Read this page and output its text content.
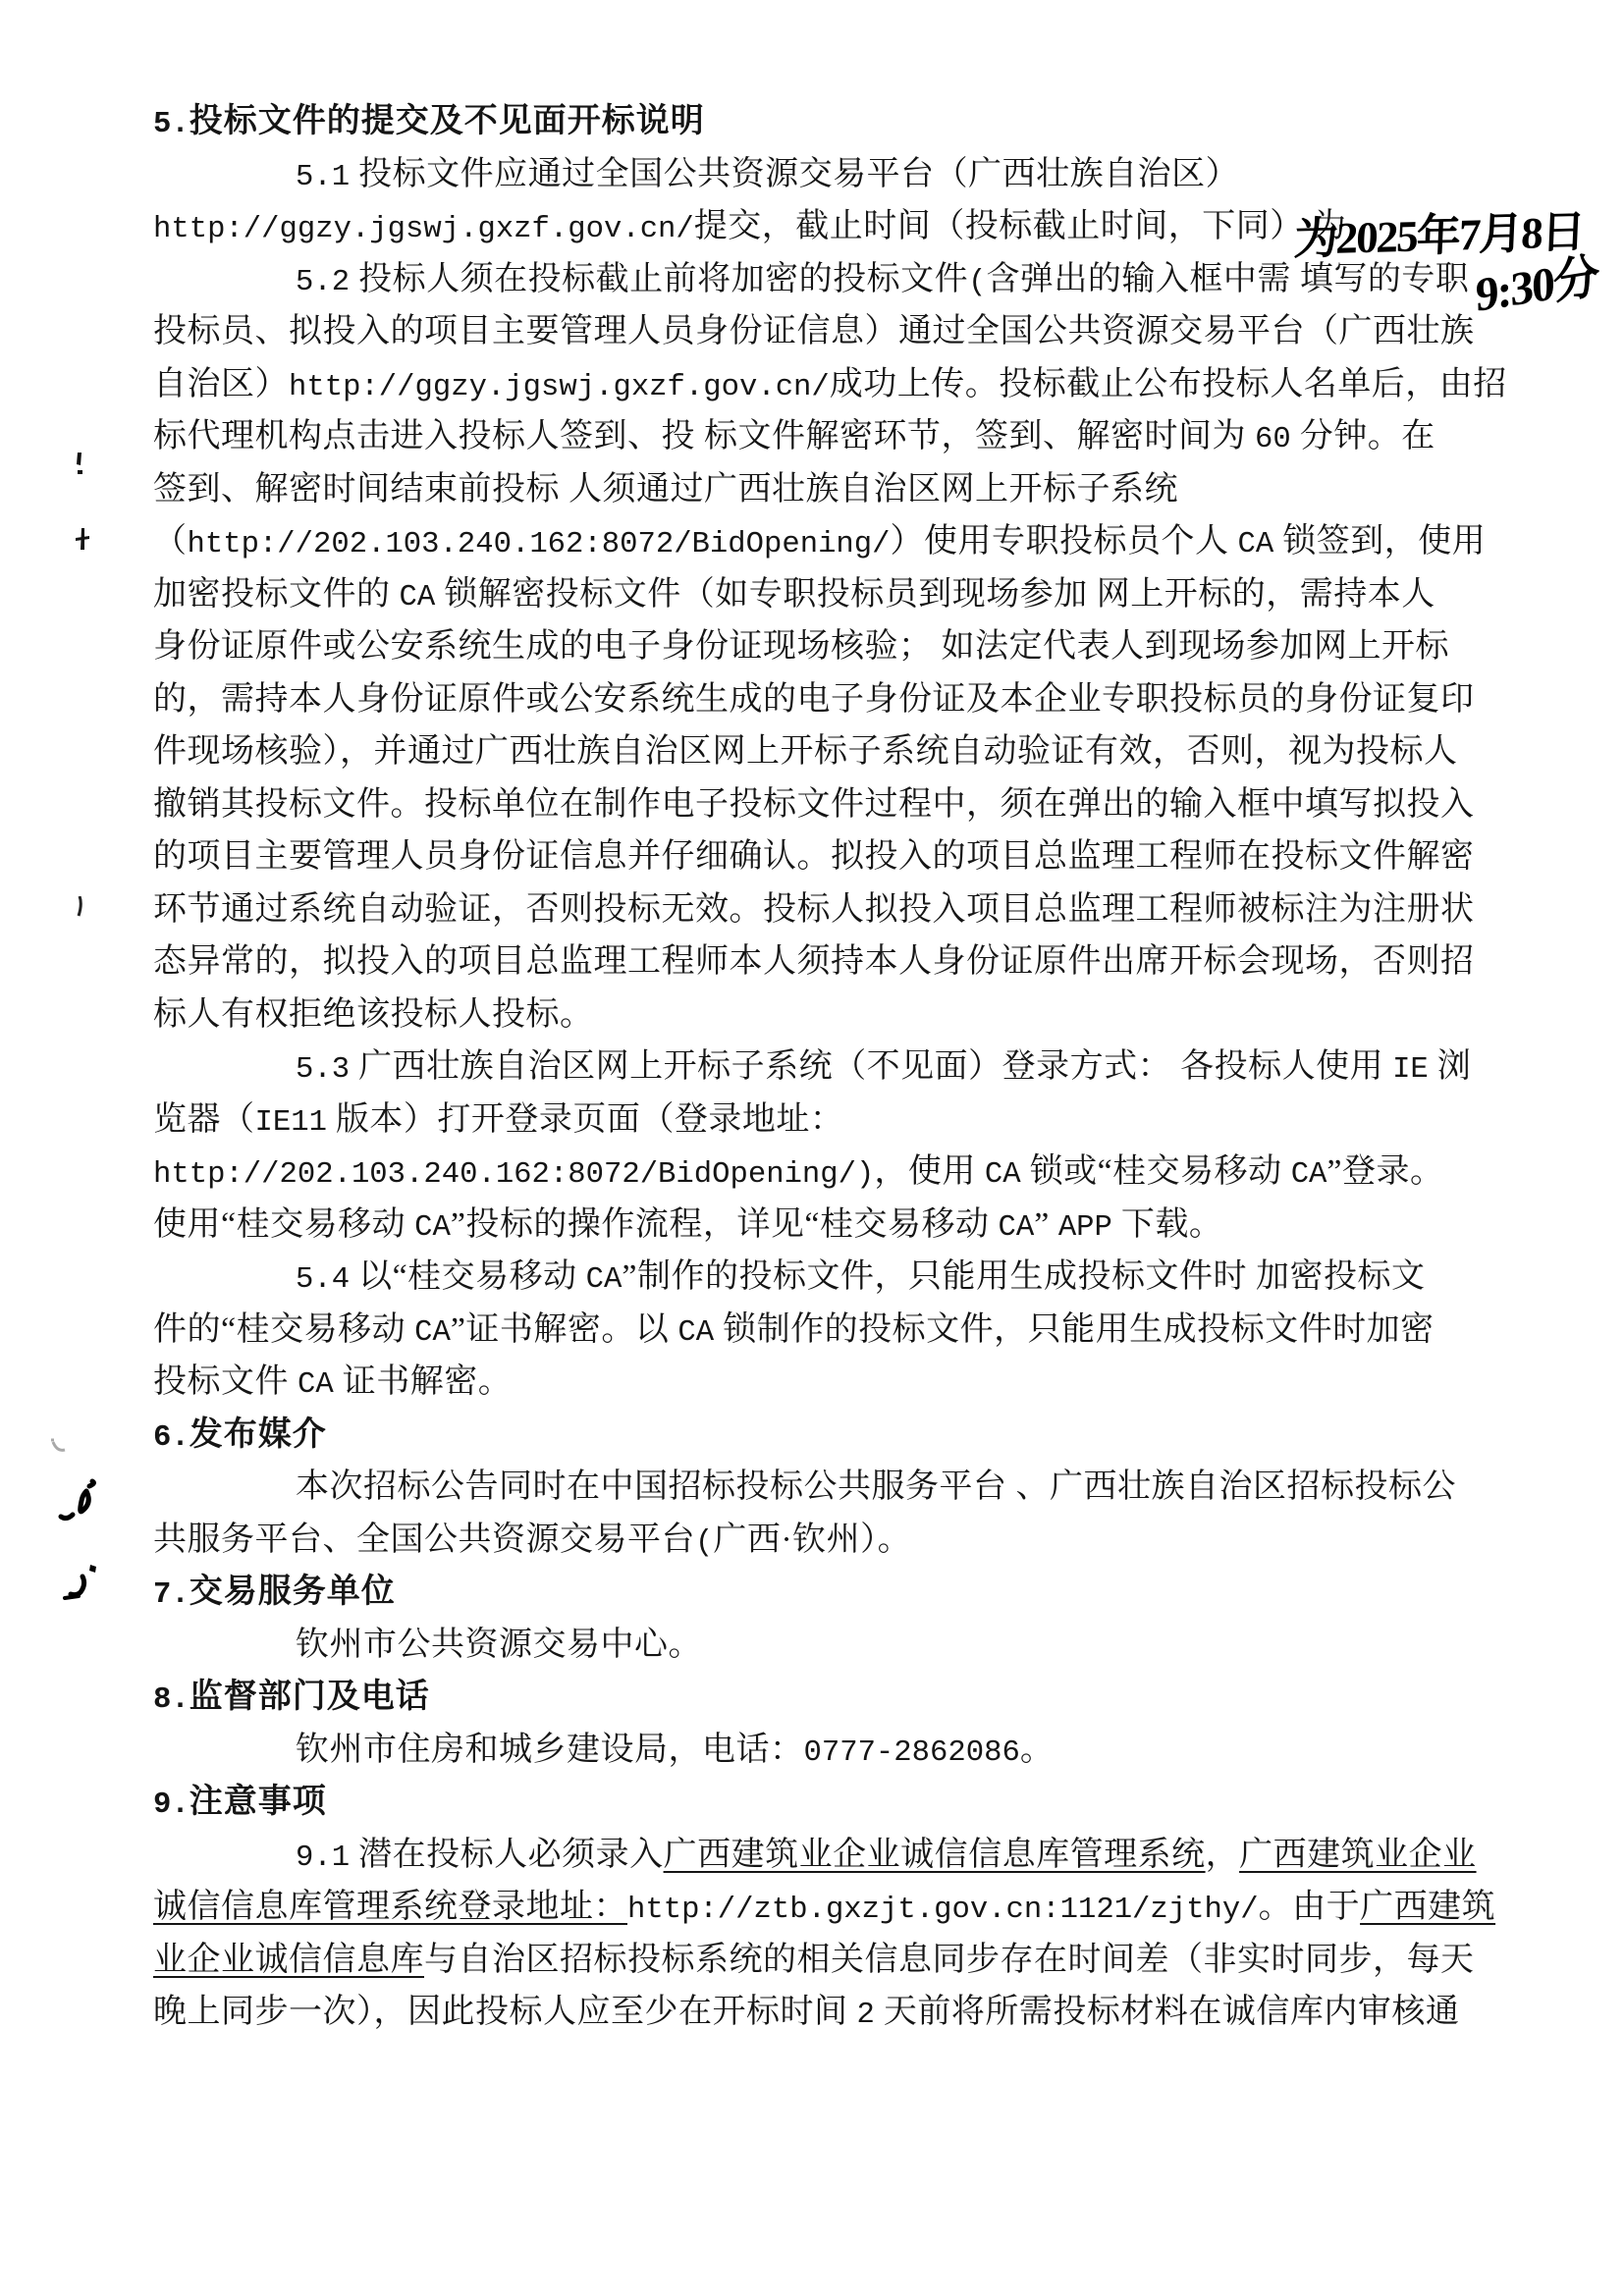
5.投标文件的提交及不见面开标说明
5.1 投标文件应通过全国公共资源交易平台（广西壮族自治区）
http://ggzy.jgswj.gxzf.gov.cn/提交，截止时间（投标截止时间，下同） 为
5.2 投标人须在投标截止前将加密的投标文件(含弹出的输入框中需 填写的专职
投标员、拟投入的项目主要管理人员身份证信息）通过全国公共资源交易平台（广西壮族
自治区）http://ggzy.jgswj.gxzf.gov.cn/成功上传。投标截止公布投标人名单后，由招
标代理机构点击进入投标人签到、投 标文件解密环节，签到、解密时间为 60 分钟。在
签到、解密时间结束前投标 人须通过广西壮族自治区网上开标子系统
（http://202.103.240.162:8072/BidOpening/）使用专职投标员个人 CA 锁签到，使用
加密投标文件的 CA 锁解密投标文件（如专职投标员到现场参加 网上开标的，需持本人
身份证原件或公安系统生成的电子身份证现场核验； 如法定代表人到现场参加网上开标
的，需持本人身份证原件或公安系统生成的电子身份证及本企业专职投标员的身份证复印
件现场核验），并通过广西壮族自治区网上开标子系统自动验证有效，否则，视为投标人
撤销其投标文件。投标单位在制作电子投标文件过程中，须在弹出的输入框中填写拟投入
的项目主要管理人员身份证信息并仔细确认。拟投入的项目总监理工程师在投标文件解密
环节通过系统自动验证，否则投标无效。投标人拟投入项目总监理工程师被标注为注册状
态异常的，拟投入的项目总监理工程师本人须持本人身份证原件出席开标会现场，否则招
标人有权拒绝该投标人投标。
5.3 广西壮族自治区网上开标子系统（不见面）登录方式： 各投标人使用 IE 浏
览器（IE11 版本）打开登录页面（登录地址：
http://202.103.240.162:8072/BidOpening/)，使用 CA 锁或“桂交易移动 CA”登录。
使用“桂交易移动 CA”投标的操作流程，详见“桂交易移动 CA” APP 下载。
5.4 以“桂交易移动 CA”制作的投标文件，只能用生成投标文件时 加密投标文
件的“桂交易移动 CA”证书解密。以 CA 锁制作的投标文件，只能用生成投标文件时加密
投标文件 CA 证书解密。
6.发布媒介
本次招标公告同时在中国招标投标公共服务平台 、广西壮族自治区招标投标公
共服务平台、全国公共资源交易平台(广西·钦州）。
7.交易服务单位
钦州市公共资源交易中心。
8.监督部门及电话
钦州市住房和城乡建设局，电话：0777-2862086。
9.注意事项
9.1 潜在投标人必须录入广西建筑业企业诚信信息库管理系统，广西建筑业企业
诚信信息库管理系统登录地址：http://ztb.gxzjt.gov.cn:1121/zjthy/。由于广西建筑
业企业诚信信息库与自治区招标投标系统的相关信息同步存在时间差（非实时同步，每天
晚上同步一次），因此投标人应至少在开标时间 2 天前将所需投标材料在诚信库内审核通
为2025年7月8日
9:30分
